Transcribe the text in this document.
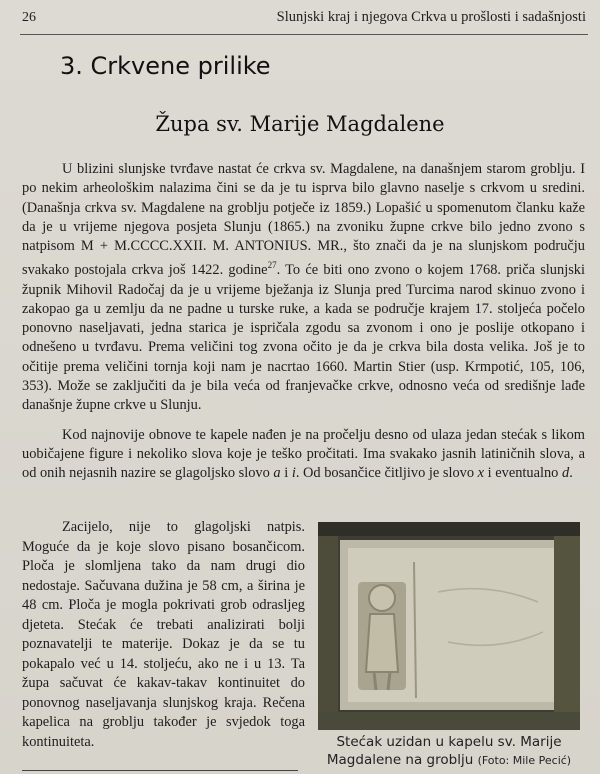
26	Slunjski kraj i njegova Crkva u prošlosti i sadašnjosti
3. Crkvene prilike
Župa sv. Marije Magdalene

U blizini slunjske tvrđave nastat će crkva sv. Magdalene, na današnjem starom groblju. I po nekim arheološkim nalazima čini se da je tu isprva bilo glavno naselje s crkvom u sredini. (Današnja crkva sv. Magdalene na groblju potječe iz 1859.) Lopašić u spomenutom članku kaže da je u vrijeme njegova posjeta Slunju (1865.) na zvoniku župne crkve bilo jedno zvono s natpisom M + M.CCCC.XXII. M. ANTONIUS. MR., što znači da je na slunjskom području svakako postojala crkva još 1422. godine$^{27}$. To će biti ono zvono o kojem 1768. priča slunjski župnik Mihovil Radočaj da je u vrijeme bježanja iz Slunja pred Turcima narod skinuo zvono i zakopao ga u zemlju da ne padne u turske ruke, a kada se područje krajem 17. stoljeća počelo ponovno naseljavati, jedna starica je ispričala zgodu sa zvonom i ono je poslije otkopano i odnešeno u tvrđavu. Prema veličini tog zvona očito je da je crkva bila dosta velika. Još je to očitije prema veličini tornja koji nam je nacrtao 1660. Martin Stier (usp. Krmpotić, 105, 106, 353). Može se zaključiti da je bila veća od franjevačke crkve, odnosno veća od središnje lađe današnje župne crkve u Slunju.

Kod najnovije obnove te kapele nađen je na pročelju desno od ulaza jedan stećak s likom uobičajene figure i nekoliko slova koje je teško pročitati. Ima svakako jasnih latiničnih slova, a od onih nejasnih nazire se glagoljsko slovo a i i. Od bosančice čitljivo je slovo x i eventualno d.

Zacijelo, nije to glagoljski natpis. Moguće da je koje slovo pisano bosančicom. Ploča je slomljena tako da nam drugi dio nedostaje. Sačuvana dužina je 58 cm, a širina je 48 cm. Ploča je mogla pokrivati grob odrasljeg djeteta. Stećak će trebati analizirati bolji poznavatelji te materije. Dokaz je da se tu pokapalo već u 14. stoljeću, ako ne i u 13. Ta župa sačuvat će kakav-takav kontinuitet do ponovnog naseljavanja slunjskog kraja. Rečena kapelica na groblju također je svjedok toga kontinuiteta.	Stećak uzidan u kapelu sv. Marije
Magdalene na groblju (Foto: Mile Pecić)
